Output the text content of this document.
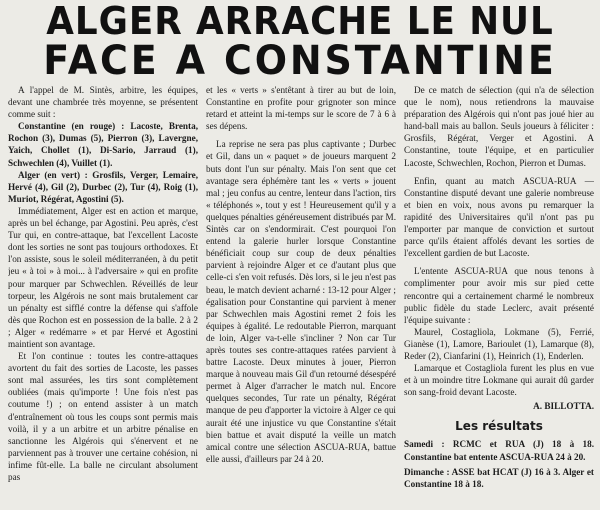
ALGER ARRACHE LE NUL
FACE A CONSTANTINE

A l'appel de M. Sintès, arbitre, les équipes, devant une chambrée très moyenne, se présentent comme suit :

Constantine (en rouge) : Lacoste, Brenta, Rochon (3), Dumas (5), Pierron (3), Lavergne, Yaich, Chollet (1), Di-Sario, Jarraud (1), Schwechlen (4), Vuillet (1).

Alger (en vert) : Grosfils, Verger, Lemaire, Hervé (4), Gil (2), Durbec (2), Tur (4), Roig (1), Muriot, Régérat, Agostini (5).

Immédiatement, Alger est en action et marque, après un bel échange, par Agostini. Peu après, c'est Tur qui, en contre-attaque, bat l'excellent Lacoste dont les sorties ne sont pas toujours orthodoxes. Et l'on assiste, sous le soleil méditerranéen, à du petit jeu « à toi » à moi... à l'adversaire » qui en profite pour marquer par Schwechlen. Réveillés de leur torpeur, les Algérois ne sont mais brutalement car un pénalty est sifflé contre la défense qui s'affole dès que Rochon est en possession de la balle. 2 à 2 ; Alger « redémarre » et par Hervé et Agostini maintient son avantage.

Et l'on continue : toutes les contre-attaques avortent du fait des sorties de Lacoste, les passes sont mal assurées, les tirs sont complètement oubliées (mais qu'importe ! Une fois n'est pas coutume !) ; on entend assister à un match d'entraînement où tous les coups sont permis mais voilà, il y a un arbitre et un arbitre pénalise en sanctionne les Algérois qui s'énervent et ne parviennent pas à trouver une certaine cohésion, ni infime fût-elle. La balle ne circulant absolument pas

et les « verts » s'entêtant à tirer au but de loin, Constantine en profite pour grignoter son mince retard et atteint la mi-temps sur le score de 7 à 6 à ses dépens.

La reprise ne sera pas plus captivante ; Durbec et Gil, dans un « paquet » de joueurs marquent 2 buts dont l'un sur pénalty. Mais l'on sent que cet avantage sera éphémère tant les « verts » jouent mal ; jeu confus au centre, lenteur dans l'action, tirs « téléphonés », tout y est ! Heureusement qu'il y a quelques pénalties généreusement distribués par M. Sintès car on s'endormirait. C'est pourquoi l'on entend la galerie hurler lorsque Constantine bénéficiait coup sur coup de deux pénalties parvient à rejoindre Alger et ce d'autant plus que celle-ci s'en voit refusés. Dès lors, si le jeu n'est pas beau, le match devient acharné : 13-12 pour Alger ; égalisation pour Constantine qui parvient à mener par Schwechlen mais Agostini remet 2 fois les équipes à égalité. Le redoutable Pierron, marquant de loin, Alger va-t-elle s'incliner ? Non car Tur après toutes ses contre-attaques ratées parvient à battre Lacoste. Deux minutes à jouer, Pierron marque à nouveau mais Gil d'un retourné désespéré permet à Alger d'arracher le match nul. Encore quelques secondes, Tur rate un pénalty, Régérat manque de peu d'apporter la victoire à Alger ce qui aurait été une injustice vu que Constantine s'était bien battue et avait disputé la veille un match amical contre une sélection ASCUA-RUA, battue elle aussi, d'ailleurs par 24 à 20.

De ce match de sélection (qui n'a de sélection que le nom), nous retiendrons la mauvaise préparation des Algérois qui n'ont pas joué hier au hand-ball mais au ballon. Seuls joueurs à féliciter : Grosfils, Régérat, Verger et Agostini. A Constantine, toute l'équipe, et en particulier Lacoste, Schwechlen, Rochon, Pierron et Dumas.

Enfin, quant au match ASCUA-RUA — Constantine disputé devant une galerie nombreuse et bien en voix, nous avons pu remarquer la rapidité des Universitaires qu'il n'ont pas pu l'emporter par manque de conviction et surtout parce qu'ils étaient affolés devant les sorties de l'excellent gardien de but Lacoste.

L'entente ASCUA-RUA que nous tenons à complimenter pour avoir mis sur pied cette rencontre qui a certainement charmé le nombreux public fidèle du stade Leclerc, avait présenté l'équipe suivante :

Maurel, Costagliola, Lokmane (5), Ferrié, Gianèse (1), Lamore, Barioulet (1), Lamarque (8), Reder (2), Cianfarini (1), Heinrich (1), Enderlen.

Lamarque et Costagliola furent les plus en vue et à un moindre titre Lokmane qui aurait dû garder son sang-froid devant Lacoste.

A. BILLOTTA.
Les résultats

Samedi : RCMC et RUA (J) 18 à 18. Constantine bat entente ASCUA-RUA 24 à 20.

Dimanche : ASSE bat HCAT (J) 16 à 3. Alger et Constantine 18 à 18.
